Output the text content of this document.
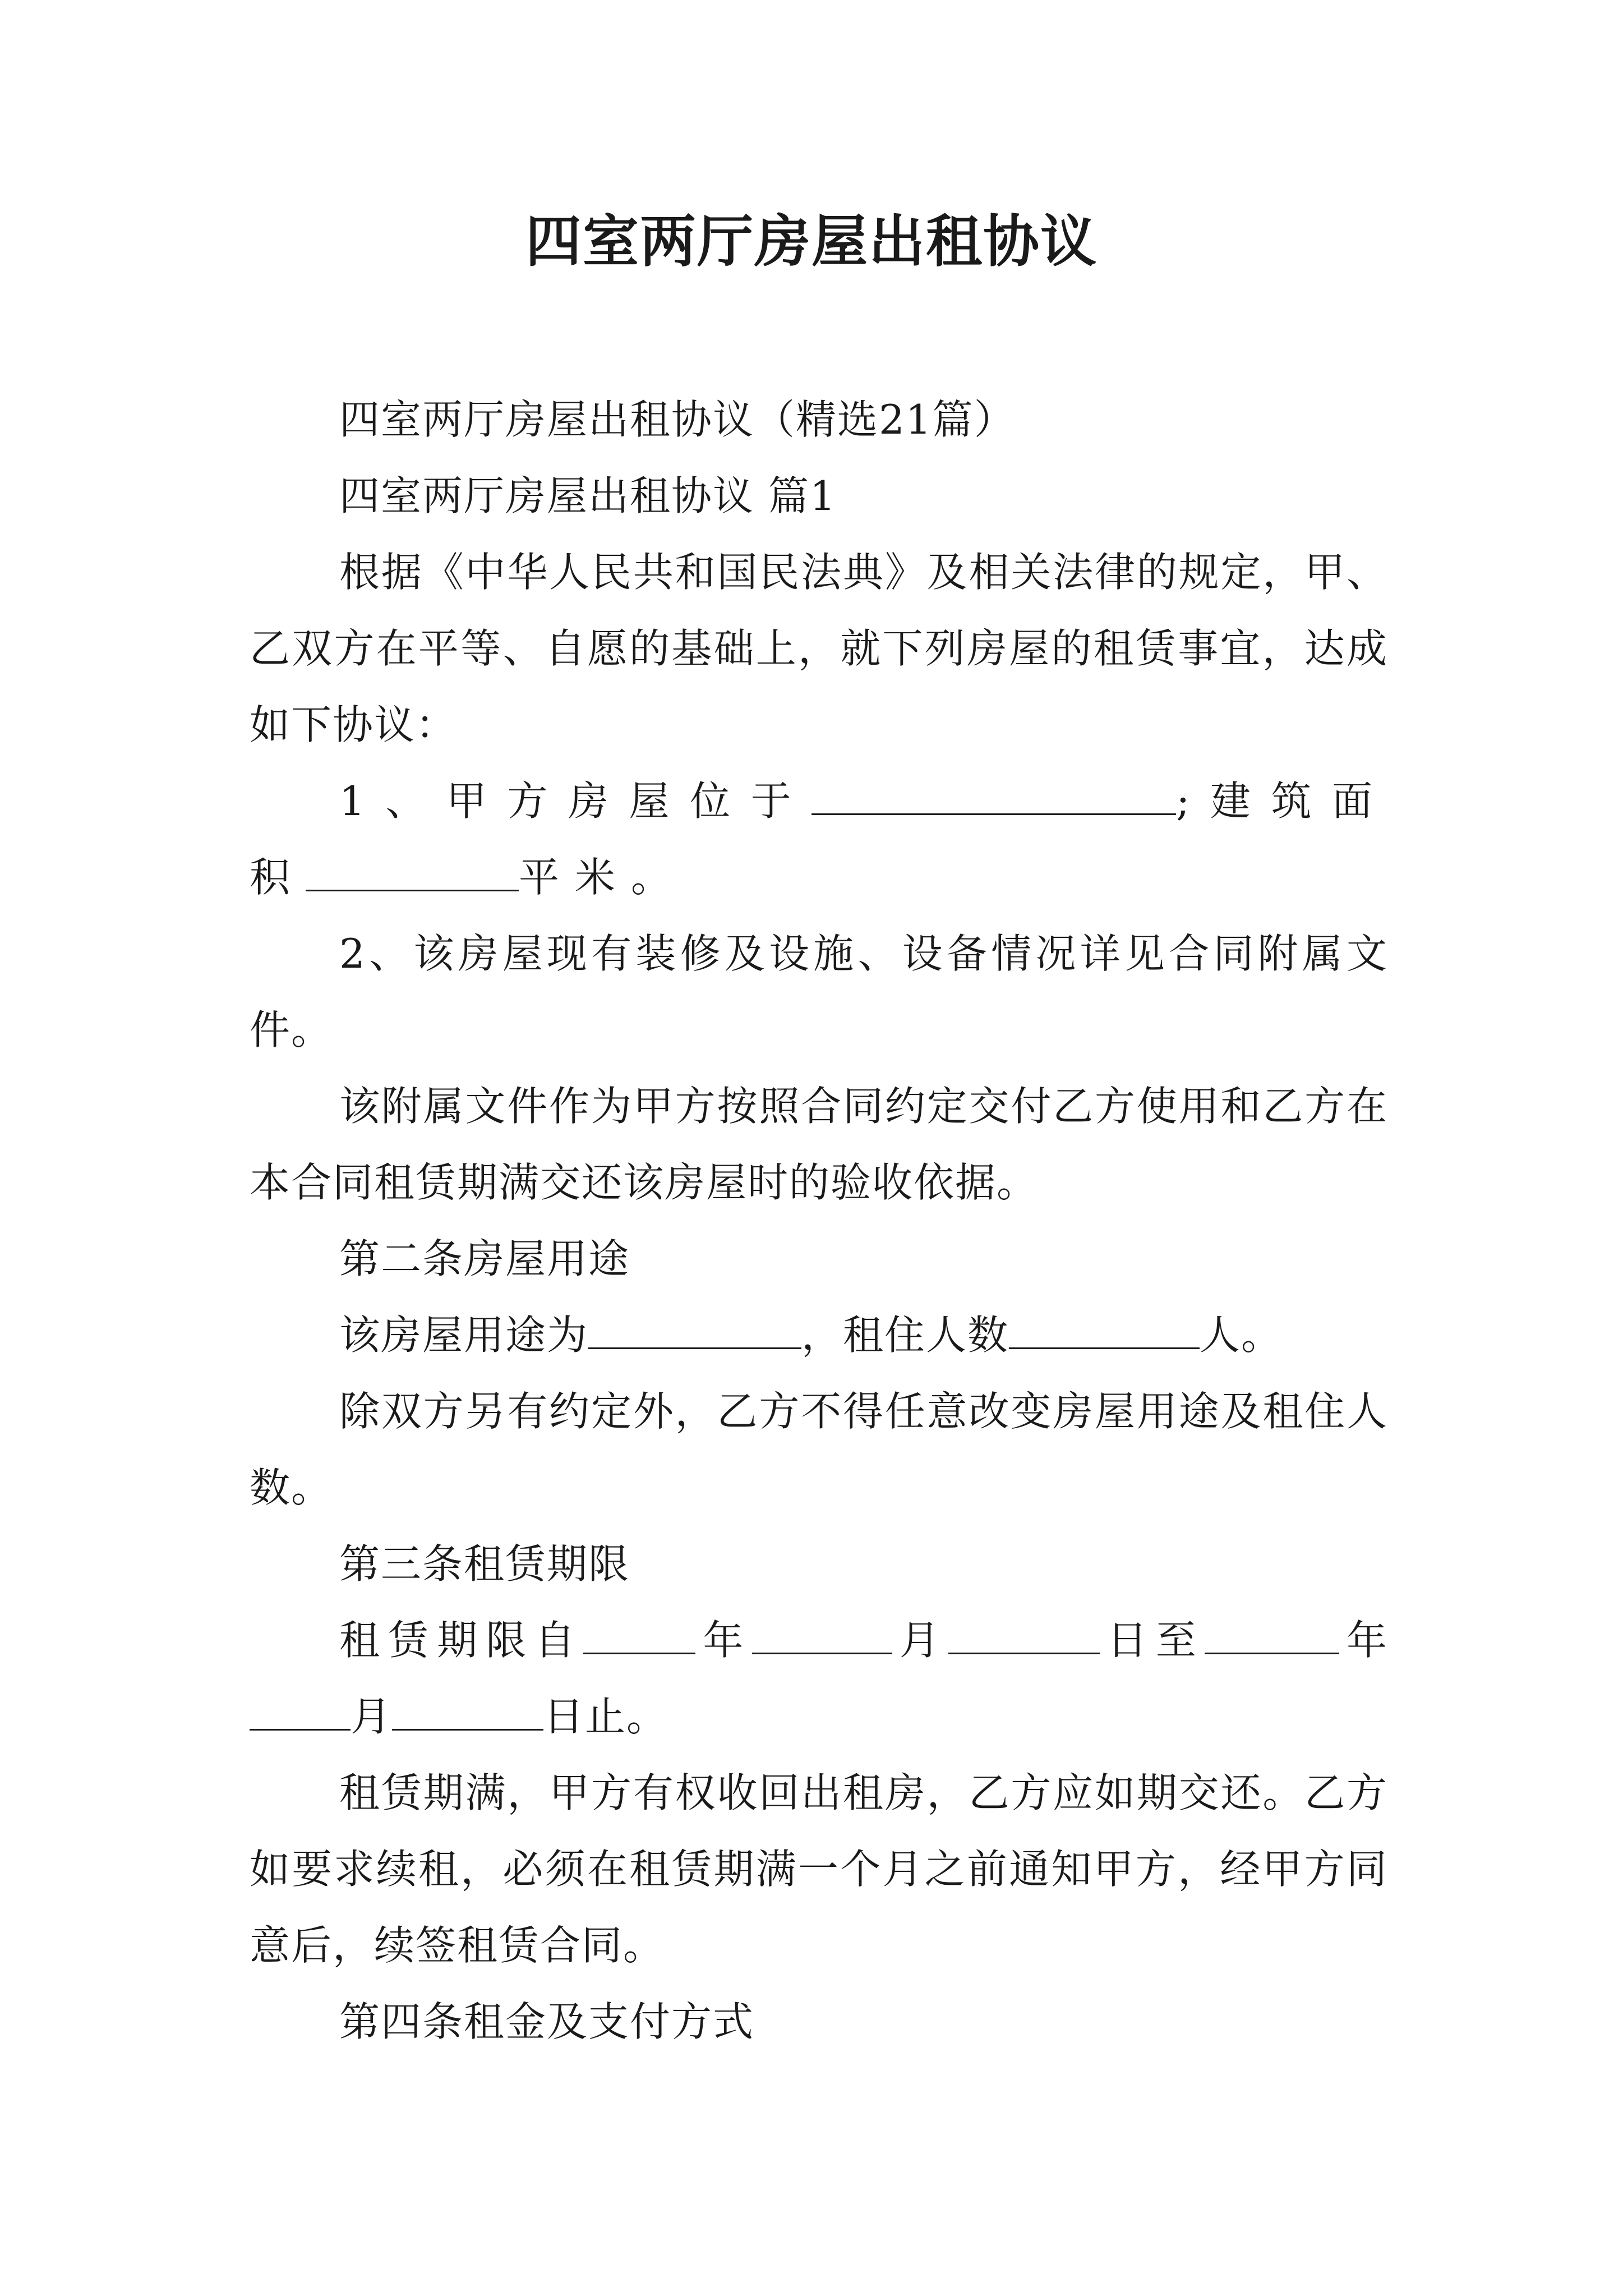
四室两厅房屋出租协议

四室两厅房屋出租协议（精选21篇）

四室两厅房屋出租协议 篇1

根据《中华人民共和国民法典》及相关法律的规定，甲、乙双方在平等、自愿的基础上，就下列房屋的租赁事宜，达成如下协议：

1、甲方房屋位于	;建筑面积	平米。

2、该房屋现有装修及设施、设备情况详见合同附属文件。

该附属文件作为甲方按照合同约定交付乙方使用和乙方在本合同租赁期满交还该房屋时的验收依据。

第二条房屋用途

该房屋用途为	，租住人数	人。

除双方另有约定外，乙方不得任意改变房屋用途及租住人数。

第三条租赁期限

租赁期限自	年	月	日至	年月	日止。

租赁期满，甲方有权收回出租房，乙方应如期交还。乙方如要求续租，必须在租赁期满一个月之前通知甲方，经甲方同意后，续签租赁合同。

第四条租金及支付方式
